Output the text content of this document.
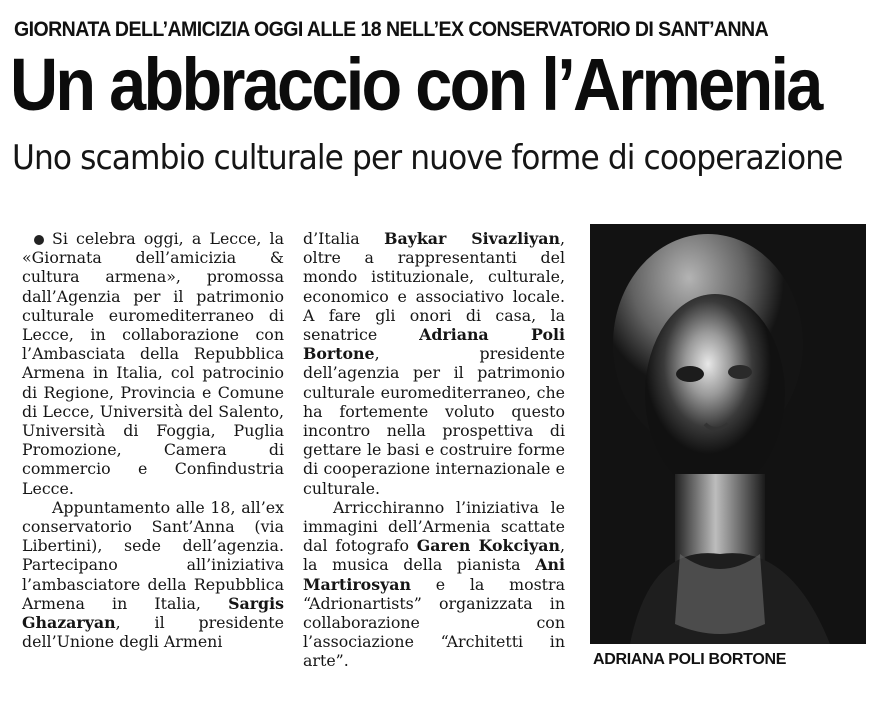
GIORNATA DELL’AMICIZIA OGGI ALLE 18 NELL’EX CONSERVATORIO DI SANT’ANNA
Un abbraccio con l’Armenia
Uno scambio culturale per nuove forme di cooperazione

Si celebra oggi, a Lecce, la «Giornata dell’amicizia & cultura armena», promossa dall’Agenzia per il patrimonio culturale euromediterraneo di Lecce, in collaborazione con l’Ambasciata della Repubblica Armena in Italia, col patrocinio di Regione, Provincia e Comune di Lecce, Università del Salento, Università di Foggia, Puglia Promozione, Camera di commercio e Confindustria Lecce.

Appuntamento alle 18, all’ex conservatorio Sant’Anna (via Libertini), sede dell’agenzia. Partecipano all’iniziativa l’ambasciatore della Repubblica Armena in Italia, Sargis Ghazaryan, il presidente dell’Unione degli Armeni

d’Italia Baykar Sivazliyan, oltre a rappresentanti del mondo istituzionale, culturale, economico e associativo locale. A fare gli onori di casa, la senatrice Adriana Poli Bortone, presidente dell’agenzia per il patrimonio culturale euromediterraneo, che ha fortemente voluto questo incontro nella prospettiva di gettare le basi e costruire forme di cooperazione internazionale e culturale.

Arricchiranno l’iniziativa le immagini dell’Armenia scattate dal fotografo Garen Kokciyan, la musica della pianista Ani Martirosyan e la mostra “Adrionartists” organizzata in collaborazione con l’associazione “Architetti in arte”.	ADRIANA POLI BORTONE
